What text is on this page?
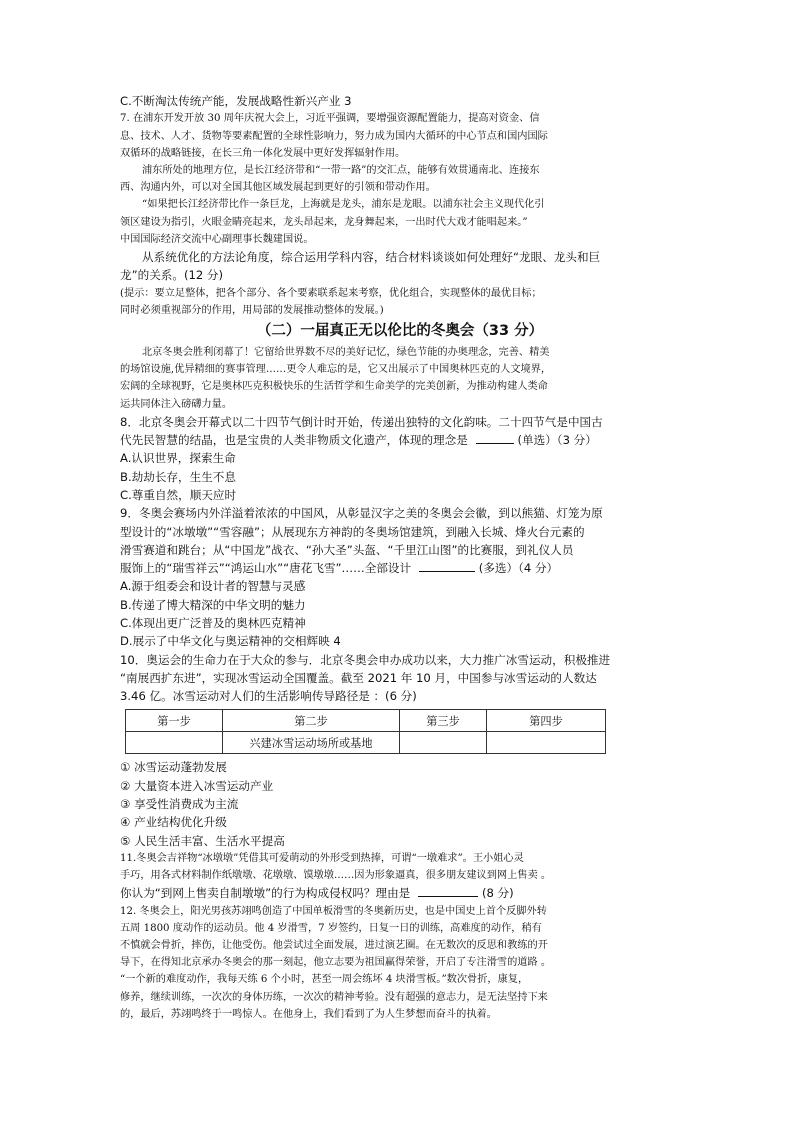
C.不断淘汰传统产能，发展战略性新兴产业 3
7. 在浦东开发开放 30 周年庆祝大会上，习近平强调，要增强资源配置能力，提高对资金、信
息、技术、人才、货物等要素配置的全球性影响力，努力成为国内大循环的中心节点和国内国际
双循环的战略链接，在长三角一体化发展中更好发挥辐射作用。
浦东所处的地理方位，是长江经济带和“一带一路”的交汇点，能够有效贯通南北、连接东
西、沟通内外，可以对全国其他区域发展起到更好的引领和带动作用。
“如果把长江经济带比作一条巨龙，上海就是龙头，浦东是龙眼。以浦东社会主义现代化引
领区建设为指引，火眼金睛亮起来，龙头昂起来，龙身舞起来，一出时代大戏才能唱起来。”
中国国际经济交流中心副理事长魏建国说。
从系统优化的方法论角度，综合运用学科内容，结合材料谈谈如何处理好“龙眼、龙头和巨
龙”的关系。(12 分)
(提示：要立足整体，把各个部分、各个要素联系起来考察，优化组合，实现整体的最优目标；
同时必须重视部分的作用，用局部的发展推动整体的发展。)
（二）一届真正无以伦比的冬奥会（33 分）
北京冬奥会胜利闭幕了！它留给世界数不尽的美好记忆，绿色节能的办奥理念，完善、精美
的场馆设施,优异精细的赛事管理……更令人难忘的是，它又出展示了中国奥林匹克的人文境界，
宏阔的全球视野，它是奥林匹克积极快乐的生活哲学和生命美学的完美创新，为推动构建人类命
运共同体注入磅礴力量。
8．北京冬奥会开幕式以二十四节气倒计时开始，传递出独特的文化韵味。二十四节气是中国古
代先民智慧的结晶，也是宝贵的人类非物质文化遗产，体现的理念是	(单选）（3 分）
A.认识世界，探索生命
B.劫劫长存，生生不息
C.尊重自然，顺天应时
9．冬奥会赛场内外洋溢着浓浓的中国风，从彰显汉字之美的冬奥会会徽，到以熊猫、灯笼为原
型设计的“冰墩墩”“雪容融”；从展现东方神韵的冬奥场馆建筑，到融入长城、烽火台元素的
滑雪赛道和跳台；从“中国龙”战衣、“孙大圣”头盔、“千里江山图”的比赛服，到礼仪人员
服饰上的“瑞雪祥云”“鸿运山水”“唐花飞雪”……全部设计	(多选）（4 分）
A.源于组委会和设计者的智慧与灵感
B.传递了博大精深的中华文明的魅力
C.体现出更广泛普及的奥林匹克精神
D.展示了中华文化与奥运精神的交相辉映 4
10．奥运会的生命力在于大众的参与．北京冬奥会申办成功以来，大力推广冰雪运动，积极推进
“南展西扩东进”，实现冰雪运动全国覆盖。截至 2021 年 10 月，中国参与冰雪运动的人数达
3.46 亿。冰雪运动对人们的生活影响传导路径是 ：(6 分)
第一步	第二步	第三步	第四步
	兴建冰雪运动场所或基地		
① 冰雪运动蓬勃发展
② 大量资本进入冰雪运动产业
③ 享受性消费成为主流
④ 产业结构优化升级
⑤ 人民生活丰富、生活水平提高
11.冬奥会吉祥物“冰墩墩”凭借其可爱萌动的外形受到热捧，可谓“一墩难求”。王小姐心灵
手巧，用各式材料制作纸墩墩、花墩墩、馍墩墩……因为形象逼真，很多朋友建议到网上售卖 。
你认为“到网上售卖自制墩墩”的行为构成侵权吗？理由是	(8 分)
12. 冬奥会上，阳光男孩苏翊鸣创造了中国单板滑雪的冬奥新历史，也是中国史上首个反脚外转
五周 1800 度动作的运动员。他 4 岁滑雪，7 岁签约，日复一日的训练，高难度的动作，稍有
不慎就会骨折，摔伤，让他受伤。他尝试过全面发展，进过演艺圈。在无数次的反思和教练的开
导下，在得知北京承办冬奥会的那一刻起，他立志要为祖国赢得荣誉，开启了专注滑雪的道路 。
“一个新的难度动作，我每天练 6 个小时，甚至一周会练坏 4 块滑雪板。”数次骨折，康复，
修养，继续训练，一次次的身体历练，一次次的精神考验。没有超强的意志力，是无法坚持下来
的，最后，苏翊鸣终于一鸣惊人。在他身上，我们看到了为人生梦想而奋斗的执着。
